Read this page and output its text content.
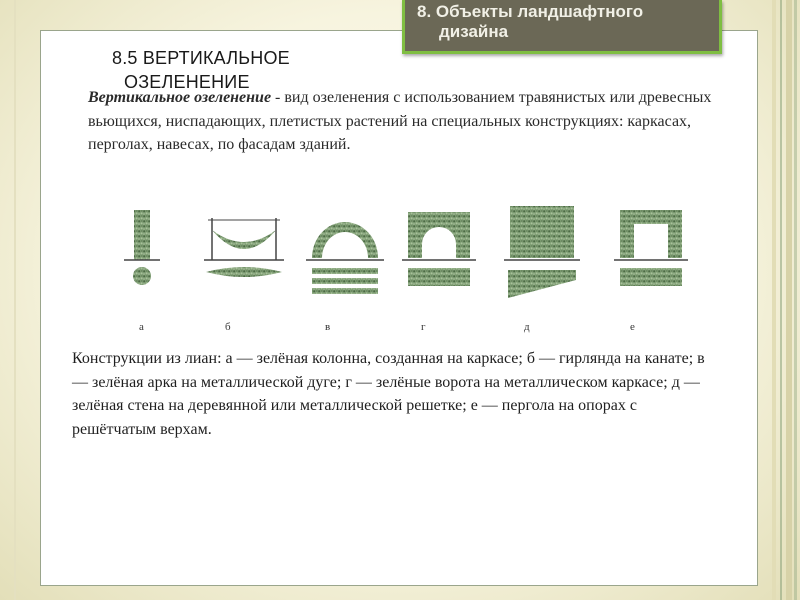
8. Объекты ландшафтного
дизайна
8.5 ВЕРТИКАЛЬНОЕ
ОЗЕЛЕНЕНИЕ
Вертикальное озеленение - вид озеленения с использованием травянистых или древесных вьющихся, ниспадающих, плетистых растений на специальных конструкциях: каркасах, перголах, навесах, по фасадам зданий.
а	б	в	г	д	е
Конструкции из лиан: а — зелёная колонна, созданная на каркасе; б — гирлянда на канате; в — зелёная арка на металлической дуге; г — зелёные ворота на металлическом каркасе; д — зелёная стена на деревянной или металлической решетке; е — пергола на опорах с решётчатым верхам.
